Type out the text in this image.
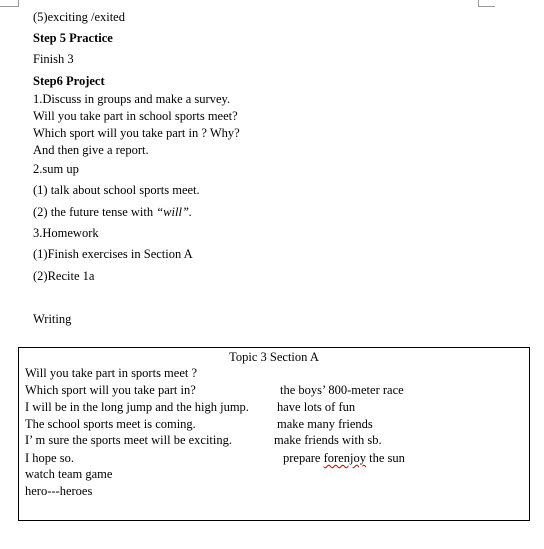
(5)exciting /exited
Step 5 Practice
Finish 3
Step6 Project
1.Discuss in groups and make a survey.
Will you take part in school sports meet?
Which sport will you take part in ? Why?
And then give a report.
2.sum up
(1) talk about school sports meet.
(2) the future tense with “will”.
3.Homework
(1)Finish exercises in Section A
(2)Recite 1a
Writing
Topic 3 Section A
Will you take part in sports meet ?
Which sport will you take part in?
I will be in the long jump and the high jump.
The school sports meet is coming.
I’ m sure the sports meet will be exciting.
I hope so.
watch team game
hero---heroes
the boys’ 800-meter race
have lots of fun
make many friends
make friends with sb.
prepare forenjoy the sun
